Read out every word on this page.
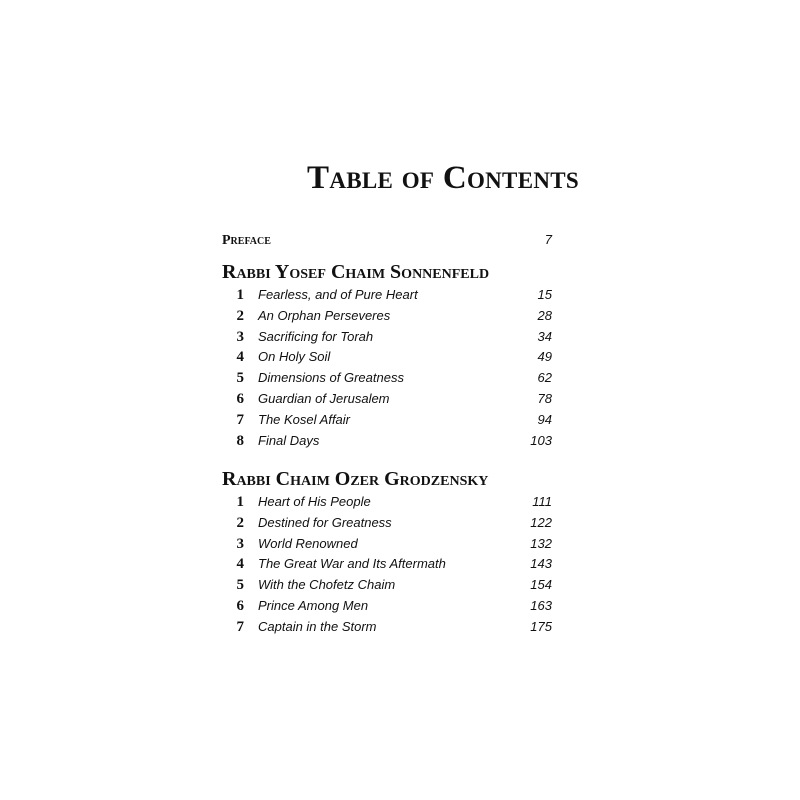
Table of Contents
Preface	7
Rabbi Yosef Chaim Sonnenfeld
1 Fearless, and of Pure Heart	15
2 An Orphan Perseveres	28
3 Sacrificing for Torah	34
4 On Holy Soil	49
5 Dimensions of Greatness	62
6 Guardian of Jerusalem	78
7 The Kosel Affair	94
8 Final Days	103
Rabbi Chaim Ozer Grodzensky
1 Heart of His People	111
2 Destined for Greatness	122
3 World Renowned	132
4 The Great War and Its Aftermath	143
5 With the Chofetz Chaim	154
6 Prince Among Men	163
7 Captain in the Storm	175
